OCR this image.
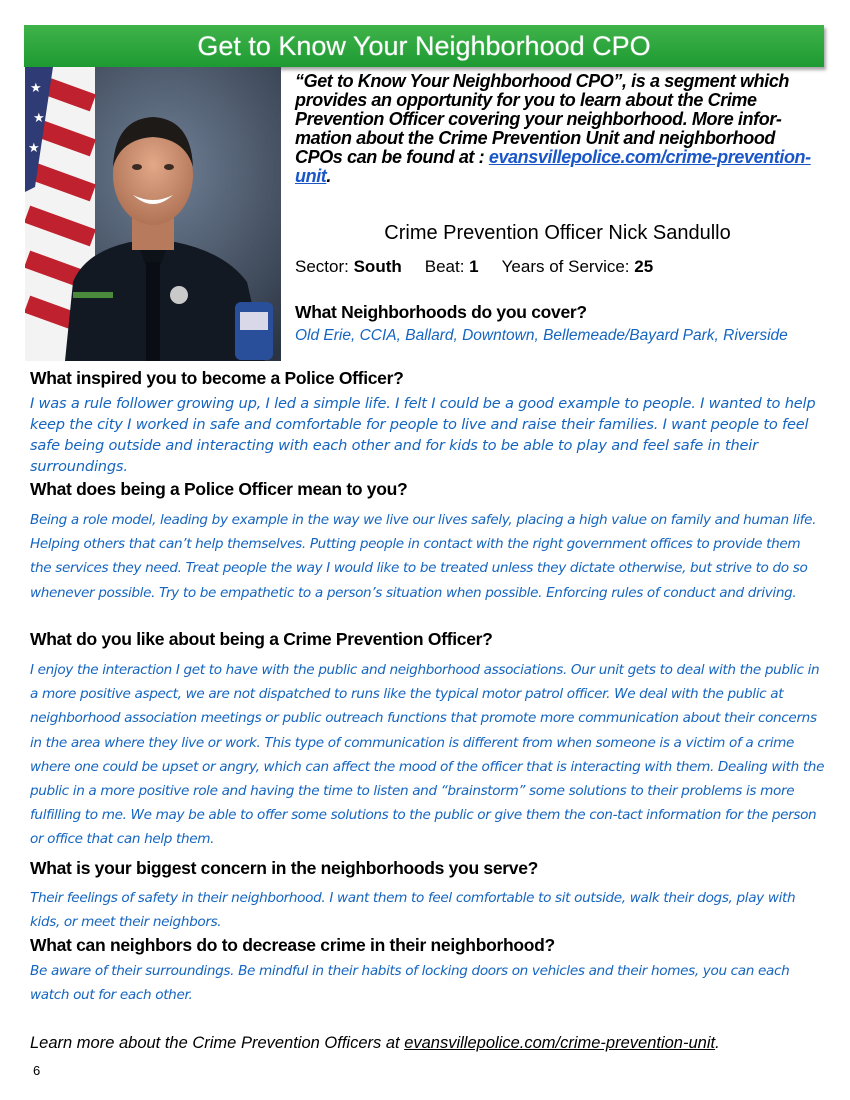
Get to Know Your Neighborhood CPO
★
★
★
“Get to Know Your Neighborhood CPO”, is a segment which provides an opportunity for you to learn about the Crime Prevention Officer covering your neighborhood. More infor-mation about the Crime Prevention Unit and neighborhood CPOs can be found at : evansvillepolice.com/crime-prevention-unit.
Crime Prevention Officer Nick Sandullo
Sector: South Beat: 1 Years of Service: 25
What Neighborhoods do you cover?
Old Erie, CCIA, Ballard, Downtown, Bellemeade/Bayard Park, Riverside
What inspired you to become a Police Officer?
I was a rule follower growing up, I led a simple life. I felt I could be a good example to people. I wanted to help keep the city I worked in safe and comfortable for people to live and raise their families. I want people to feel safe being outside and interacting with each other and for kids to be able to play and feel safe in their surroundings.
What does being a Police Officer mean to you?
Being a role model, leading by example in the way we live our lives safely, placing a high value on family and human life. Helping others that can’t help themselves. Putting people in contact with the right government offices to provide them the services they need. Treat people the way I would like to be treated unless they dictate otherwise, but strive to do so whenever possible. Try to be empathetic to a person’s situation when possible. Enforcing rules of conduct and driving.
What do you like about being a Crime Prevention Officer?
I enjoy the interaction I get to have with the public and neighborhood associations. Our unit gets to deal with the public in a more positive aspect, we are not dispatched to runs like the typical motor patrol officer. We deal with the public at neighborhood association meetings or public outreach functions that promote more communication about their concerns in the area where they live or work. This type of communication is different from when someone is a victim of a crime where one could be upset or angry, which can affect the mood of the officer that is interacting with them. Dealing with the public in a more positive role and having the time to listen and “brainstorm” some solutions to their problems is more fulfilling to me. We may be able to offer some solutions to the public or give them the con-tact information for the person or office that can help them.
What is your biggest concern in the neighborhoods you serve?
Their feelings of safety in their neighborhood. I want them to feel comfortable to sit outside, walk their dogs, play with kids, or meet their neighbors.
What can neighbors do to decrease crime in their neighborhood?
Be aware of their surroundings. Be mindful in their habits of locking doors on vehicles and their homes, you can each watch out for each other.
Learn more about the Crime Prevention Officers at evansvillepolice.com/crime-prevention-unit.
6
